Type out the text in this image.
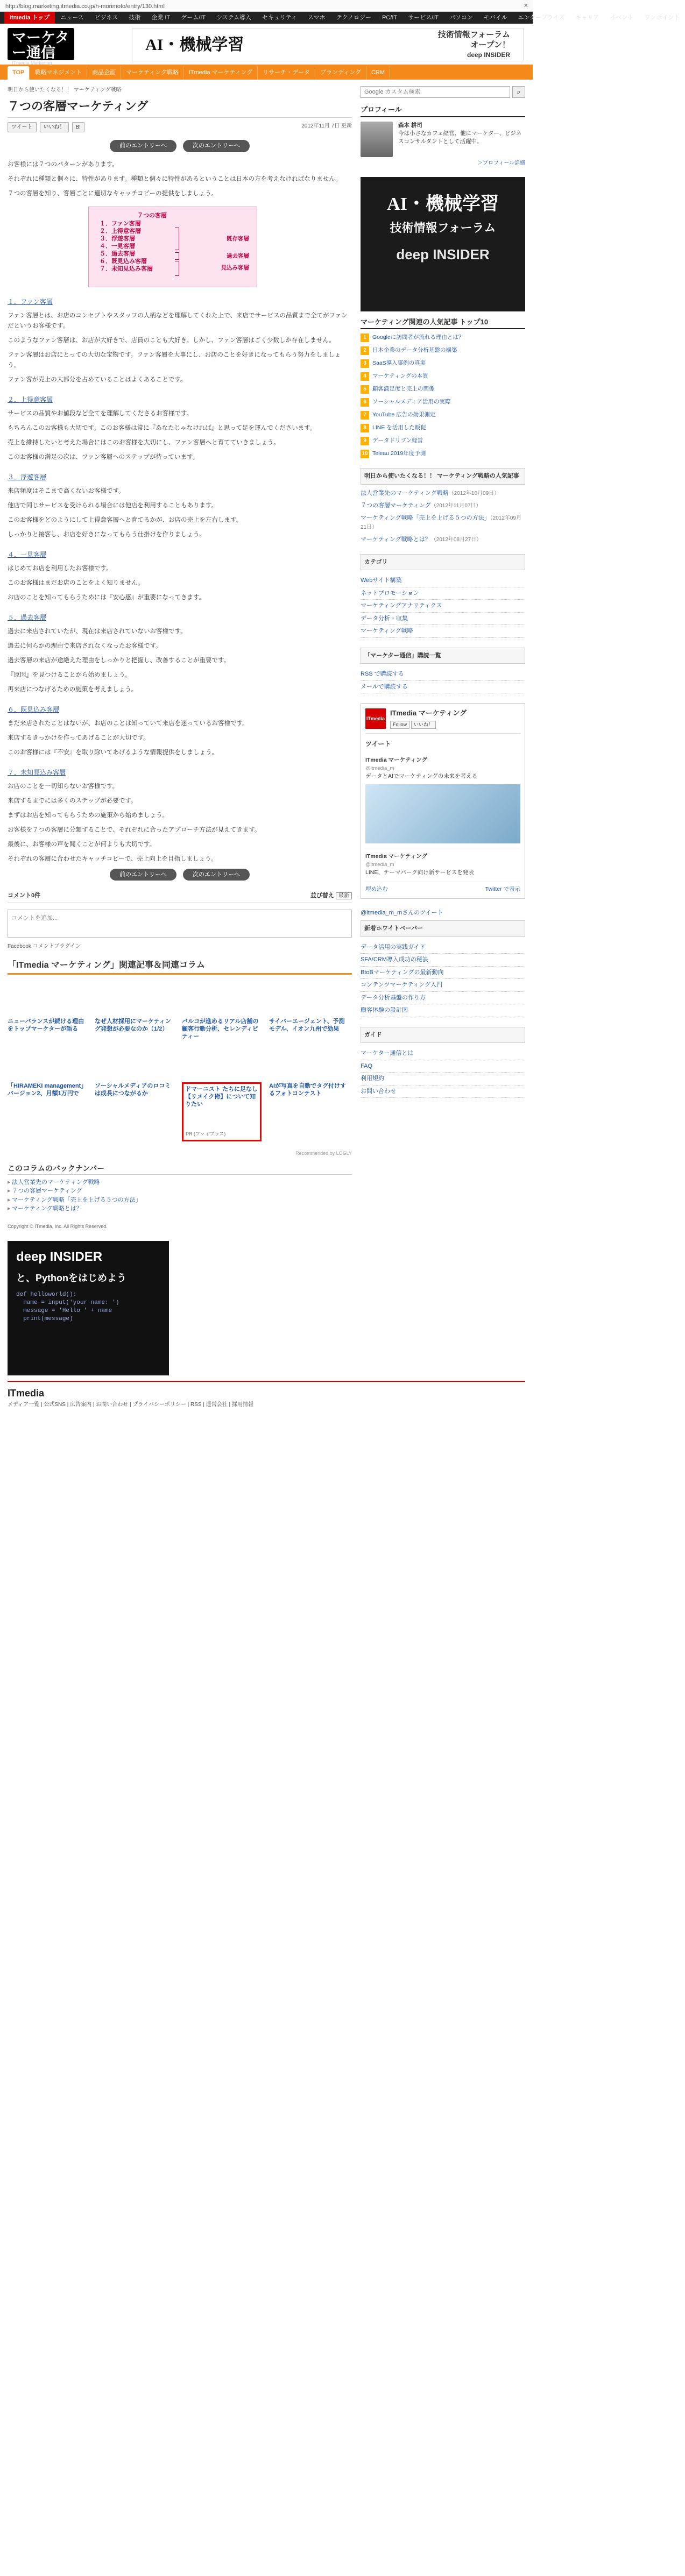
http://blog.marketing.itmedia.co.jp/h-morimoto/entry/130.html	✕
itmedia トップ	ニュース	ビジネス	技術	企業 IT	ゲーム/IT	システム導入	セキュリティ	スマホ	テクノロジー	PC/IT	サービス/IT	パソコン	モバイル	エンタープライズ	キャリア	イベント	ワンポイント
マーケター通信
ITmedia Marketing
AI・機械学習
技術情報フォーラム
オープン！
deep INSIDER
TOP	戦略マネジメント	商品企画	マーケティング戦略	ITmedia マーケティング	リサーチ・データ	ブランディング	CRM
明日から使いたくなる！！ マーケティング戦略
７つの客層マーケティング
ツイート	いいね！	B!	2012年11月 7日 更新
前のエントリーへ	次のエントリーへ

お客様には７つのパターンがあります。

それぞれに種類と個々に、特性があります。種類と個々に特性があるということは日本の方を考えなければなりません。

７つの客層を知り、客層ごとに適切なキャッチコピーの提供をしましょう。

７つの客層
１．ファン客層
２．上得意客層
３．浮遊客層
４．一見客層
５．過去客層
６．既見込み客層
７．未知見込み客層
既存客層
過去客層
見込み客層
１．ファン客層

ファン客層とは、お店のコンセプトやスタッフの人柄などを理解してくれた上で、来店でサービスの品質まで全てがファンだというお客様です。

このようなファン客層は、お店が大好きで、店員のことも大好き。しかし、ファン客層はごく少数しか存在しません。

ファン客層はお店にとっての大切な宝物です。ファン客層を大事にし、お店のことを好きになってもらう努力をしましょう。

ファン客が売上の大部分を占めていることはよくあることです。

２．上得意客層

サービスの品質やお値段など全てを理解してくださるお客様です。

もちろんこのお客様も大切です。このお客様は常に『あなたじゃなければ』と思って足を運んでくださいます。

売上を維持したいと考えた場合にはこのお客様を大切にし、ファン客層へと育てていきましょう。

このお客様の満足の次は、ファン客層へのステップが待っています。

３．浮遊客層

来店頻度はそこまで高くないお客様です。

他店で同じサービスを受けられる場合には他店を利用することもあります。

このお客様をどのようにして上得意客層へと育てるかが、お店の売上を左右します。

しっかりと接客し、お店を好きになってもらう仕掛けを作りましょう。

４．一見客層

はじめてお店を利用したお客様です。

このお客様はまだお店のことをよく知りません。

お店のことを知ってもらうためには『安心感』が重要になってきます。

５．過去客層

過去に来店されていたが、現在は来店されていないお客様です。

過去に何らかの理由で来店されなくなったお客様です。

過去客層の来店が途絶えた理由をしっかりと把握し、改善することが重要です。

『原因』を見つけることから始めましょう。

再来店につなげるための施策を考えましょう。

６．既見込み客層

まだ来店されたことはないが、お店のことは知っていて来店を迷っているお客様です。

来店するきっかけを作ってあげることが大切です。

このお客様には『不安』を取り除いてあげるような情報提供をしましょう。

７．未知見込み客層

お店のことを一切知らないお客様です。

来店するまでには多くのステップが必要です。

まずはお店を知ってもらうための施策から始めましょう。

お客様を７つの客層に分類することで、それぞれに合ったアプローチ方法が見えてきます。

最後に、お客様の声を聞くことが何よりも大切です。

それぞれの客層に合わせたキャッチコピーで、売上向上を目指しましょう。

前のエントリーへ	次のエントリーへ
コメント0件	並び替え 最新
コメントを追加...
Facebook コメントプラグイン
「ITmedia マーケティング」関連記事＆同連コラム
ニューバランスが続ける理由をトップマーケターが語る
なぜ人材採用にマーケティング発想が必要なのか（1/2）
バルコが進めるリアル店舗の顧客行動分析、セレンディピティー
サイバーエージェント、予測モデル、イオン九州で効果
「HIRAMEKI management」バージョン2、月額1万円で
ソーシャルメディアのロコミは成長につながるか
ドマーニスト たちに足なし【リメイク術】について知りたい
PR (ファイブラス)
AIが写真を自動でタグ付けするフォトコンテスト
Recommended by LOGLY
このコラムのバックナンバー
▸ 法人営業先のマーケティング戦略
▸ ７つの客層マーケティング
▸ マーケティング戦略「売上を上げる５つの方法」
▸ マーケティング戦略とは？
Copyright © ITmedia, Inc. All Rights Reserved.
Google カスタム検索
⌕
プロフィール
森本 耕司
今は小さなカフェ経営、他にマーケター、ビジネスコンサルタントとして活躍中。
＞プロフィール詳細
AI・機械学習
技術情報フォーラム
deep INSIDER
マーケティング関連の人気記事 トップ10
1	Googleに訪問者が流れる理由とは？
2	日本企業のデータ分析基盤の構築
3	SaaS導入事例の真実
4	マーケティングの本質
5	顧客満足度と売上の関係
6	ソーシャルメディア活用の実際
7	YouTube 広告の効果測定
8	LINE を活用した販促
9	データドリブン経営
10 Teleau 2019年度予測
明日から使いたくなる！！ マーケティング戦略の人気記事
法人営業先のマーケティング戦略（2012年10月09日）
７つの客層マーケティング（2012年11月07日）
マーケティング戦略「売上を上げる５つの方法」（2012年09月21日）
マーケティング戦略とは？（2012年08月27日）
カテゴリ
Webサイト構築
ネットプロモーション
マーケティングアナリティクス
データ分析・収集
マーケティング戦略
「マーケター通信」購読一覧
RSS で購読する
メールで購読する
ITmedia
ITmedia マーケティング
Follow いいね！
ツイート
ITmedia マーケティング
@itmedia_m
データとAIでマーケティングの未来を考える
ITmedia マーケティング
@itmedia_m
LINE、テーマパーク向け新サービスを発表
埋め込む	Twitter で表示
@itmedia_m_mさんのツイート
新着ホワイトペーパー
データ活用の実践ガイド
SFA/CRM導入成功の秘訣
BtoBマーケティングの最新動向
コンテンツマーケティング入門
データ分析基盤の作り方
顧客体験の設計図
ガイド
マーケター通信とは
FAQ
利用規約
お問い合わせ
deep INSIDER
と、Pythonをはじめよう
def helloworld():
name = input('your name: ')
message = 'Hello ' + name
print(message)
ITmedia
メディア一覧 | 公式SNS | 広告案内 | お問い合わせ | プライバシーポリシー | RSS | 運営会社 | 採用情報
